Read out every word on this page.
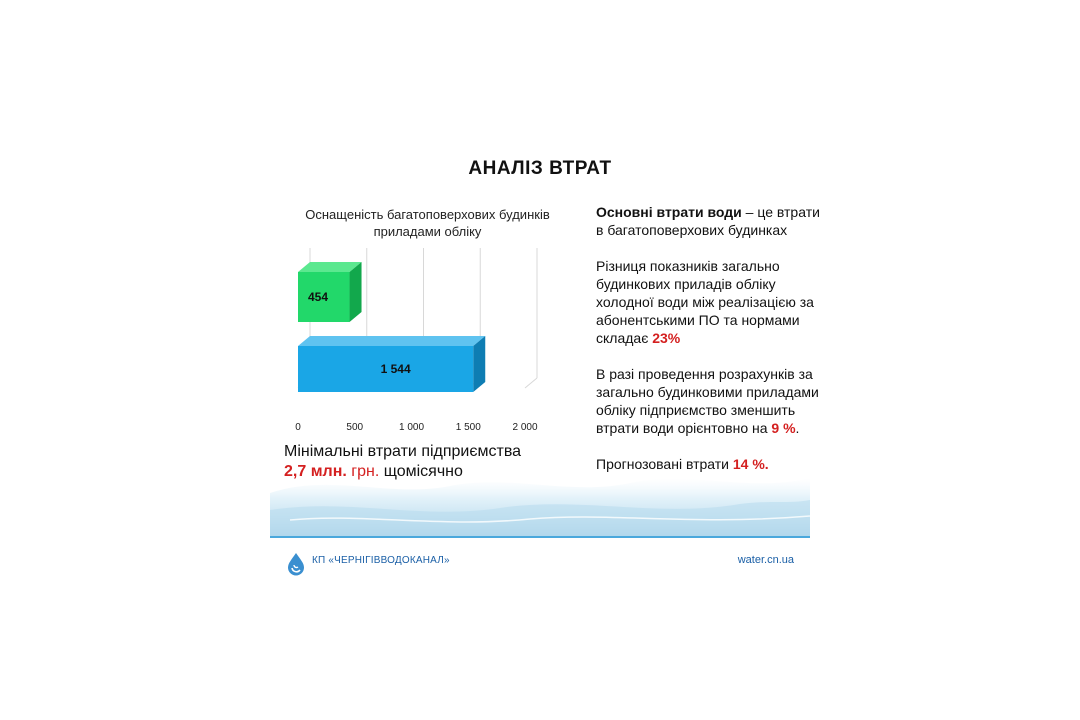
АНАЛІЗ ВТРАТ
Оснащеність багатоповерхових будинків приладами обліку
0	500	1 000	1 500	2 000
454
1 544
Мінімальні втрати підприємства
2,7 млн. грн. щомісячно

Основні втрати води – це втрати в багатоповерхових будинках

Різниця показників загально будинкових приладів обліку холодної води між реалізацією за абонентськими ПО та нормами складає 23%

В разі проведення розрахунків за загально будинковими приладами обліку підприємство зменшить втрати води орієнтовно на 9 %.

Прогнозовані втрати 14 %.

КП «ЧЕРНІГІВВОДОКАНАЛ»	water.cn.ua
